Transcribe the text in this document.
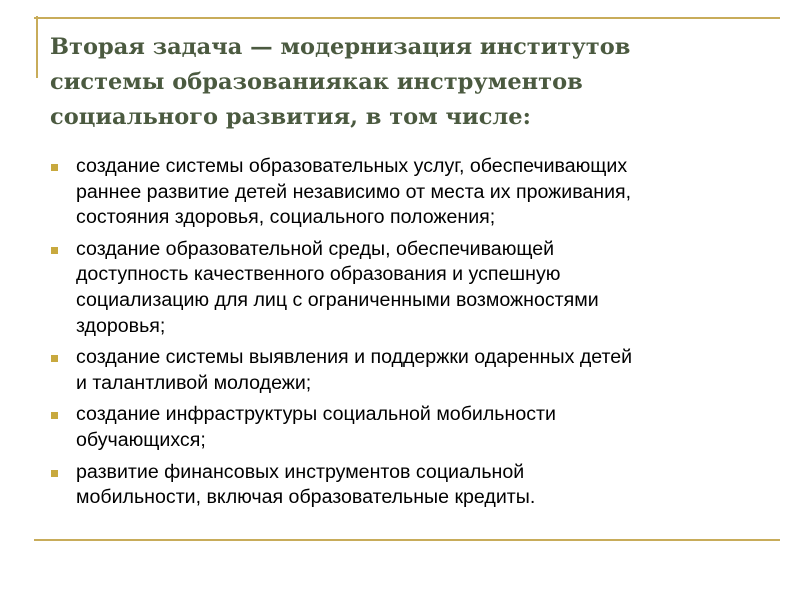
Вторая задача — модернизация институтов
системы образованиякак инструментов
социального развития, в том числе:
создание системы образовательных услуг, обеспечивающих
раннее развитие детей независимо от места их проживания,
состояния здоровья, социального положения;
создание образовательной среды, обеспечивающей
доступность качественного образования и успешную
социализацию для лиц с ограниченными возможностями
здоровья;
создание системы выявления и поддержки одаренных детей
и талантливой молодежи;
создание инфраструктуры социальной мобильности
обучающихся;
развитие финансовых инструментов социальной
мобильности, включая образовательные кредиты.
